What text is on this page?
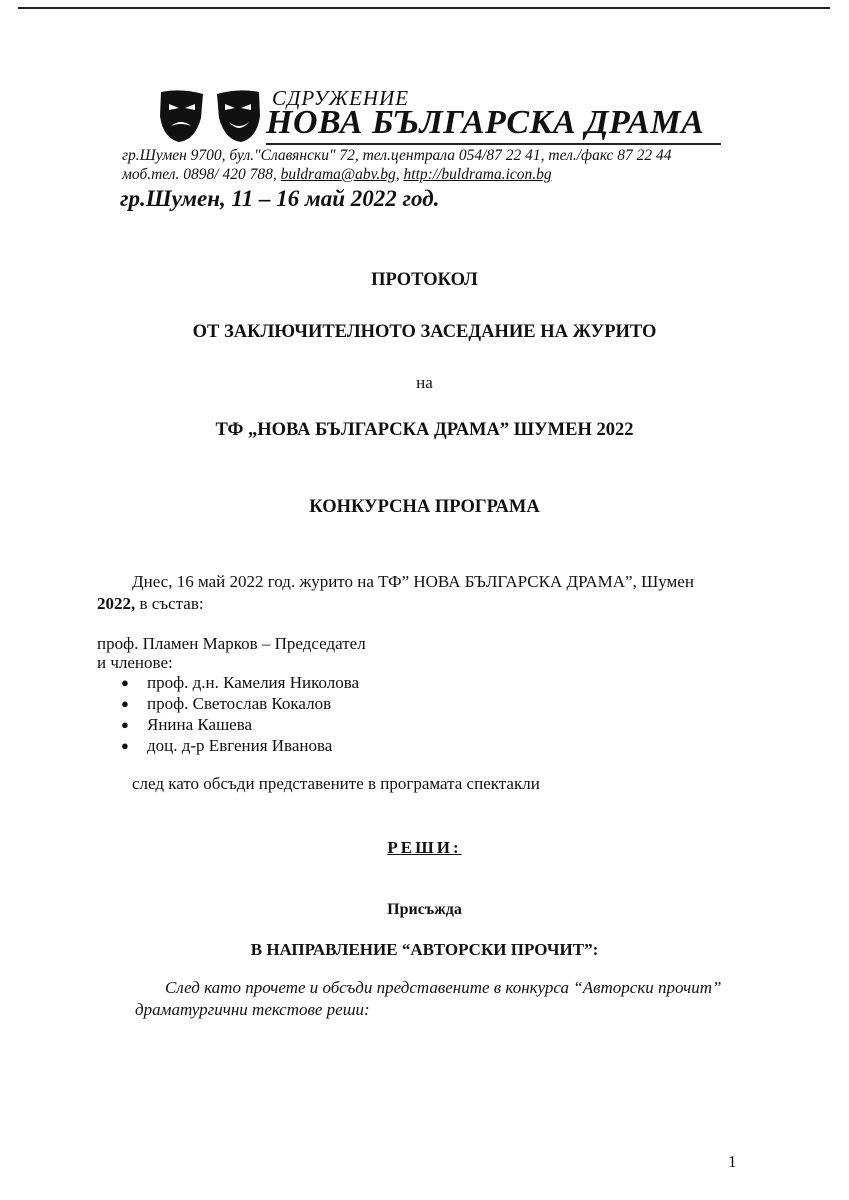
СДРУЖЕНИЕ
НОВА БЪЛГАРСКА ДРАМА
гр.Шумен 9700, бул."Славянски" 72, тел.централа 054/87 22 41, тел./факс 87 22 44
моб.тел. 0898/ 420 788, buldrama@abv.bg, http://buldrama.icon.bg
гр.Шумен, 11 – 16 май 2022 год.
ПРОТОКОЛ
ОТ ЗАКЛЮЧИТЕЛНОТО ЗАСЕДАНИЕ НА ЖУРИТО
на
ТФ „НОВА БЪЛГАРСКА ДРАМА” ШУМЕН 2022
КОНКУРСНА ПРОГРАМА
Днес, 16 май 2022 год. журито на ТФ” НОВА БЪЛГАРСКА ДРАМА”, Шумен
2022, в състав:
проф. Пламен Марков – Председател
и членове:
● проф. д.н. Камелия Николова
● проф. Светослав Кокалов
● Янина Кашева
● доц. д-р Евгения Иванова
след като обсъди представените в програмата спектакли
РЕШИ:
Присъжда
В НАПРАВЛЕНИЕ “АВТОРСКИ ПРОЧИТ”:
След като прочете и обсъди представените в конкурса “Авторски прочит”
драматургични текстове реши:
1
